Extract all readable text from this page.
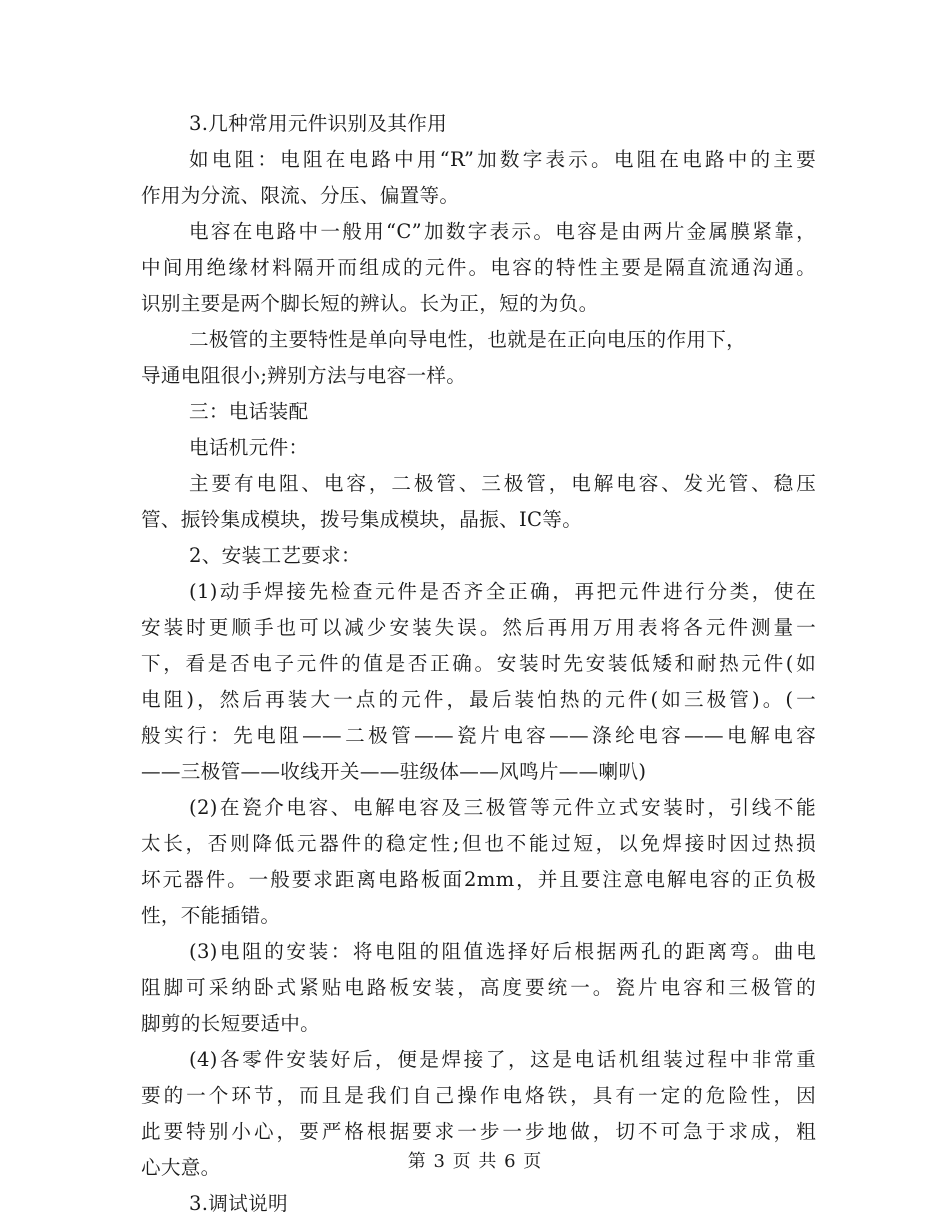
3.几种常用元件识别及其作用
如电阻：电阻在电路中用“R”加数字表示。电阻在电路中的主要
作用为分流、限流、分压、偏置等。
电容在电路中一般用“C”加数字表示。电容是由两片金属膜紧靠，
中间用绝缘材料隔开而组成的元件。电容的特性主要是隔直流通沟通。
识别主要是两个脚长短的辨认。长为正，短的为负。
二极管的主要特性是单向导电性，也就是在正向电压的作用下，
导通电阻很小;辨别方法与电容一样。
三：电话装配
电话机元件：
主要有电阻、电容，二极管、三极管，电解电容、发光管、稳压
管、振铃集成模块，拨号集成模块，晶振、IC等。
2、安装工艺要求：
(1)动手焊接先检查元件是否齐全正确，再把元件进行分类，使在
安装时更顺手也可以减少安装失误。然后再用万用表将各元件测量一
下，看是否电子元件的值是否正确。安装时先安装低矮和耐热元件(如
电阻)，然后再装大一点的元件，最后装怕热的元件(如三极管)。(一
般实行：先电阻——二极管——瓷片电容——涤纶电容——电解电容
——三极管——收线开关——驻级体——风鸣片——喇叭)
(2)在瓷介电容、电解电容及三极管等元件立式安装时，引线不能
太长，否则降低元器件的稳定性;但也不能过短，以免焊接时因过热损
坏元器件。一般要求距离电路板面2mm，并且要注意电解电容的正负极
性，不能插错。
(3)电阻的安装：将电阻的阻值选择好后根据两孔的距离弯。曲电
阻脚可采纳卧式紧贴电路板安装，高度要统一。瓷片电容和三极管的
脚剪的长短要适中。
(4)各零件安装好后，便是焊接了，这是电话机组装过程中非常重
要的一个环节，而且是我们自己操作电烙铁，具有一定的危险性，因
此要特别小心，要严格根据要求一步一步地做，切不可急于求成，粗
心大意。
3.调试说明
第 3 页 共 6 页
